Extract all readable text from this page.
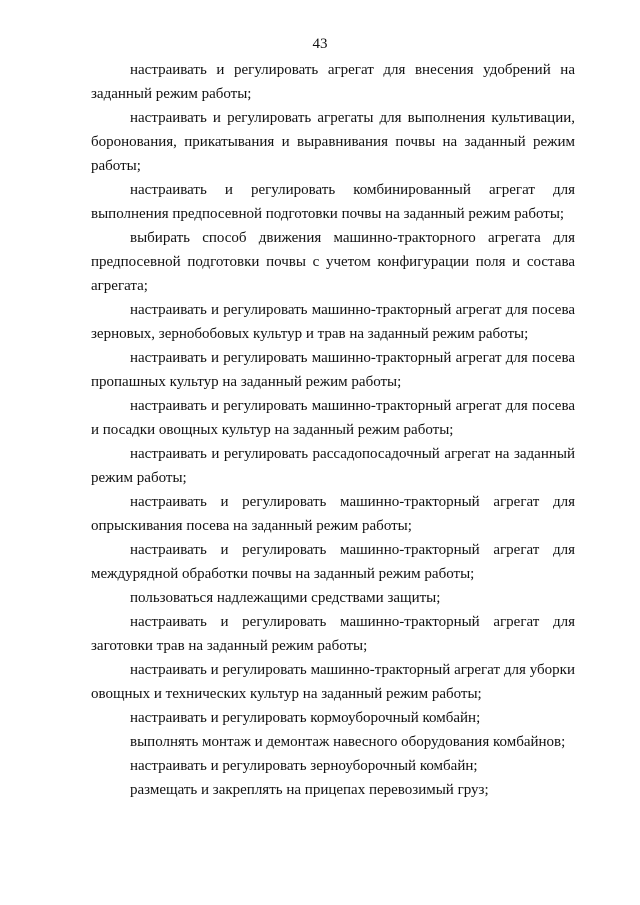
43

настраивать и регулировать агрегат для внесения удобрений на заданный режим работы;

настраивать и регулировать агрегаты для выполнения культивации, боронования, прикатывания и выравнивания почвы на заданный режим работы;

настраивать и регулировать комбинированный агрегат для выполнения предпосевной подготовки почвы на заданный режим работы;

выбирать способ движения машинно-тракторного агрегата для предпосевной подготовки почвы с учетом конфигурации поля и состава агрегата;

настраивать и регулировать машинно-тракторный агрегат для посева зерновых, зернобобовых культур и трав на заданный режим работы;

настраивать и регулировать машинно-тракторный агрегат для посева пропашных культур на заданный режим работы;

настраивать и регулировать машинно-тракторный агрегат для посева и посадки овощных культур на заданный режим работы;

настраивать и регулировать рассадопосадочный агрегат на заданный режим работы;

настраивать и регулировать машинно-тракторный агрегат для опрыскивания посева на заданный режим работы;

настраивать и регулировать машинно-тракторный агрегат для междурядной обработки почвы на заданный режим работы;

пользоваться надлежащими средствами защиты;

настраивать и регулировать машинно-тракторный агрегат для заготовки трав на заданный режим работы;

настраивать и регулировать машинно-тракторный агрегат для уборки овощных и технических культур на заданный режим работы;

настраивать и регулировать кормоуборочный комбайн;

выполнять монтаж и демонтаж навесного оборудования комбайнов;

настраивать и регулировать зерноуборочный комбайн;

размещать и закреплять на прицепах перевозимый груз;
